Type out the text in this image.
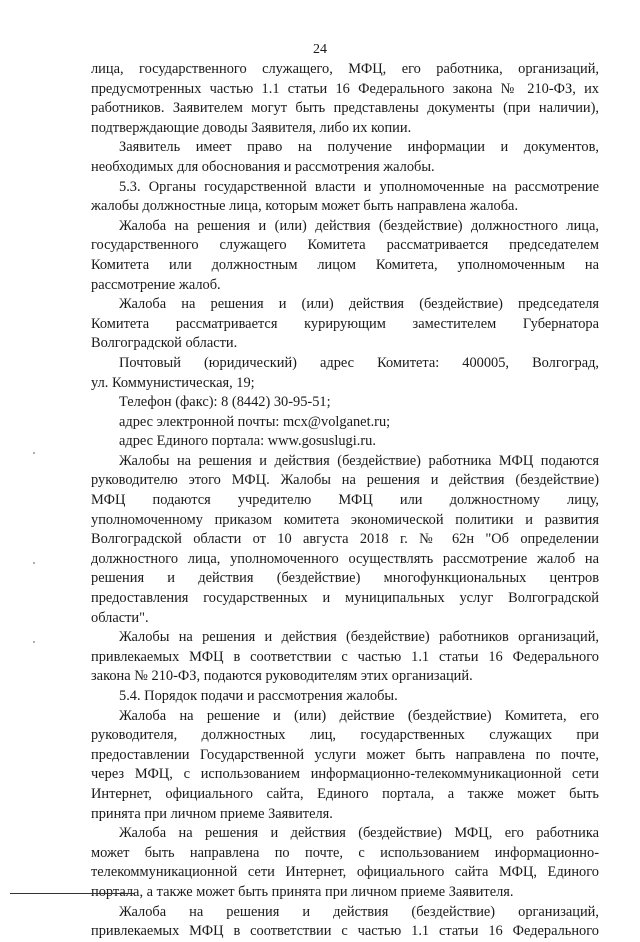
24
лица, государственного служащего, МФЦ, его работника, организаций,
предусмотренных частью 1.1 статьи 16 Федерального закона № 210-ФЗ, их
работников. Заявителем могут быть представлены документы (при наличии),
подтверждающие доводы Заявителя, либо их копии.
Заявитель имеет право на получение информации и документов,
необходимых для обоснования и рассмотрения жалобы.
5.3. Органы государственной власти и уполномоченные на рассмотрение
жалобы должностные лица, которым может быть направлена жалоба.
Жалоба на решения и (или) действия (бездействие) должностного лица,
государственного служащего Комитета рассматривается председателем
Комитета или должностным лицом Комитета, уполномоченным на
рассмотрение жалоб.
Жалоба на решения и (или) действия (бездействие) председателя
Комитета рассматривается курирующим заместителем Губернатора
Волгоградской области.
Почтовый (юридический) адрес Комитета: 400005, Волгоград,
ул. Коммунистическая, 19;
Телефон (факс): 8 (8442) 30-95-51;
адрес электронной почты: mcx@volganet.ru;
адрес Единого портала: www.gosuslugi.ru.
Жалобы на решения и действия (бездействие) работника МФЦ подаются
руководителю этого МФЦ. Жалобы на решения и действия (бездействие)
МФЦ подаются учредителю МФЦ или должностному лицу,
уполномоченному приказом комитета экономической политики и развития
Волгоградской области от 10 августа 2018 г. № 62н "Об определении
должностного лица, уполномоченного осуществлять рассмотрение жалоб на
решения и действия (бездействие) многофункциональных центров
предоставления государственных и муниципальных услуг Волгоградской
области".
Жалобы на решения и действия (бездействие) работников организаций,
привлекаемых МФЦ в соответствии с частью 1.1 статьи 16 Федерального
закона № 210-ФЗ, подаются руководителям этих организаций.
5.4. Порядок подачи и рассмотрения жалобы.
Жалоба на решение и (или) действие (бездействие) Комитета, его
руководителя, должностных лиц, государственных служащих при
предоставлении Государственной услуги может быть направлена по почте,
через МФЦ, с использованием информационно-телекоммуникационной сети
Интернет, официального сайта, Единого портала, а также может быть
принята при личном приеме Заявителя.
Жалоба на решения и действия (бездействие) МФЦ, его работника
может быть направлена по почте, с использованием информационно-
телекоммуникационной сети Интернет, официального сайта МФЦ, Единого
портала, а также может быть принята при личном приеме Заявителя.
Жалоба на решения и действия (бездействие) организаций,
привлекаемых МФЦ в соответствии с частью 1.1 статьи 16 Федерального
